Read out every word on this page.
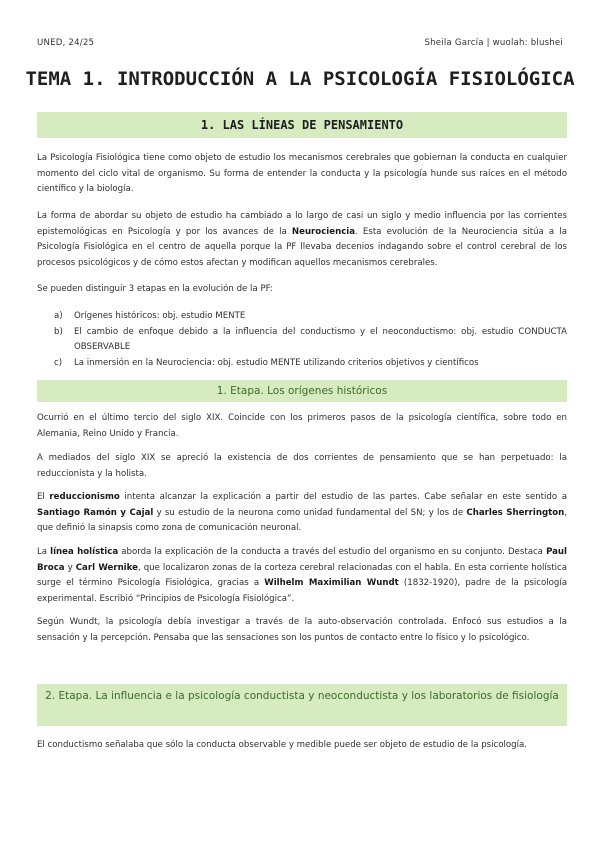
UNED, 24/25	Sheila García | wuolah: blushei
TEMA 1. INTRODUCCIÓN A LA PSICOLOGÍA FISIOLÓGICA
1. LAS LÍNEAS DE PENSAMIENTO
La Psicología Fisiológica tiene como objeto de estudio los mecanismos cerebrales que gobiernan la conducta en cualquier momento del ciclo vital de organismo. Su forma de entender la conducta y la psicología hunde sus raíces en el método científico y la biología.
La forma de abordar su objeto de estudio ha cambiado a lo largo de casi un siglo y medio influencia por las corrientes epistemológicas en Psicología y por los avances de la Neurociencia. Esta evolución de la Neurociencia sitúa a la Psicología Fisiológica en el centro de aquella porque la PF llevaba decenios indagando sobre el control cerebral de los procesos psicológicos y de cómo estos afectan y modifican aquellos mecanismos cerebrales.
Se pueden distinguir 3 etapas en la evolución de la PF:
a) Orígenes históricos: obj. estudio MENTE
b) El cambio de enfoque debido a la influencia del conductismo y el neoconductismo: obj. estudio CONDUCTA OBSERVABLE
c) La inmersión en la Neurociencia: obj. estudio MENTE utilizando criterios objetivos y científicos
1. Etapa. Los orígenes históricos
Ocurrió en el último tercio del siglo XIX. Coincide con los primeros pasos de la psicología científica, sobre todo en Alemania, Reino Unido y Francia.
A mediados del siglo XIX se apreció la existencia de dos corrientes de pensamiento que se han perpetuado: la reduccionista y la holista.
El reduccionismo intenta alcanzar la explicación a partir del estudio de las partes. Cabe señalar en este sentido a Santiago Ramón y Cajal y su estudio de la neurona como unidad fundamental del SN; y los de Charles Sherrington, que definió la sinapsis como zona de comunicación neuronal.
La línea holística aborda la explicación de la conducta a través del estudio del organismo en su conjunto. Destaca Paul Broca y Carl Wernike, que localizaron zonas de la corteza cerebral relacionadas con el habla. En esta corriente holística surge el término Psicología Fisiológica, gracias a Wilhelm Maximilian Wundt (1832-1920), padre de la psicología experimental. Escribió “Principios de Psicología Fisiológica”.
Según Wundt, la psicología debía investigar a través de la auto-observación controlada. Enfocó sus estudios a la sensación y la percepción. Pensaba que las sensaciones son los puntos de contacto entre lo físico y lo psicológico.
2. Etapa. La influencia e la psicología conductista y neoconductista y los laboratorios de fisiología
El conductismo señalaba que sólo la conducta observable y medible puede ser objeto de estudio de la psicología.
